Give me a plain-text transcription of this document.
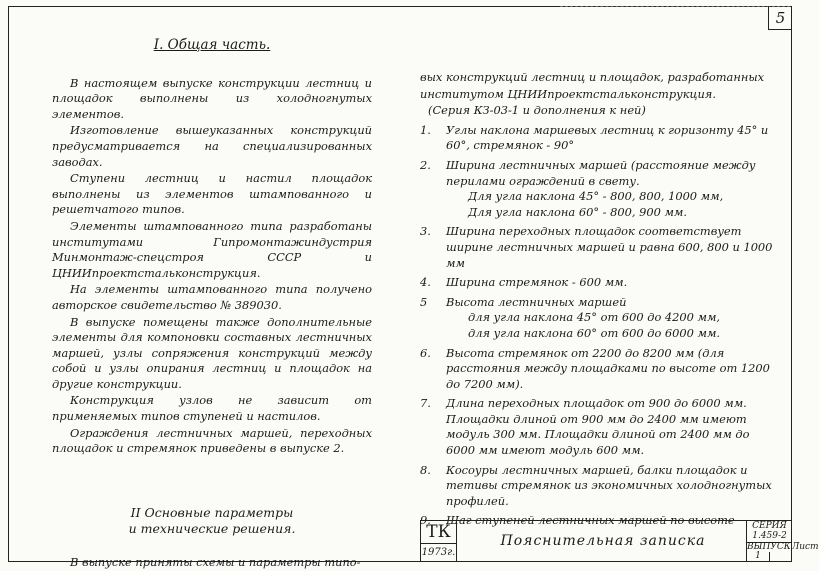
5
I. Общая часть.

В настоящем выпуске конструкции лестниц и площадок выполнены из холодногнутых элементов.

Изготовление вышеуказанных конструкций предусматривается на специализированных заводах.

Ступени лестниц и настил площадок выполнены из элементов штампованного и решетчатого типов.

Элементы штампованного типа разработаны институтами Гипромонтажиндустрия Минмонтаж-спецстроя СССР и ЦНИИпроектстальконструкция.

На элементы штампованного типа получено авторское свидетельство № 389030.

В выпуске помещены также дополнительные элементы для компоновки составных лестничных маршей, узлы сопряжения конструкций между собой и узлы опирания лестниц и площадок на другие конструкции.

Конструкция узлов не зависит от применяемых типов ступеней и настилов.

Ограждения лестничных маршей, переходных площадок и стремянок приведены в выпуске 2.

II Основные параметры
и технические решения.

В выпуске приняты схемы и параметры типо-

вых конструкций лестниц и площадок, разработанных

институтом ЦНИИпроектстальконструкция.

(Серия КЗ-03-1 и дополнения к ней)

1.	Углы наклона маршевых лестниц к горизонту 45° и 60°, стремянок - 90°
2.	Ширина лестничных маршей (расстояние между перилами ограждений в свету.
Для угла наклона 45° - 800, 800, 1000 мм,
Для угла наклона 60° - 800, 900 мм.
3.	Ширина переходных площадок соответствует ширине лестничных маршей и равна 600, 800 и 1000 мм
4.	Ширина стремянок - 600 мм.
5	Высота лестничных маршей
для угла наклона 45° от 600 до 4200 мм,
для угла наклона 60° от 600 до 6000 мм.
6.	Высота стремянок от 2200 до 8200 мм (для расстояния между площадками по высоте от 1200 до 7200 мм).
7.	Длина переходных площадок от 900 до 6000 мм. Площадки длиной от 900 мм до 2400 мм имеют модуль 300 мм. Площадки длиной от 2400 мм до 6000 мм имеют модуль 600 мм.
8.	Косоуры лестничных маршей, балки площадок и тетивы стремянок из экономичных холодногнутых профилей.
9.	Шаг ступеней лестничных маршей по высоте
ТК
1973г.
Пояснительная записка
СЕРИЯ
1.459-2
ВЫПУСК Лист
1
